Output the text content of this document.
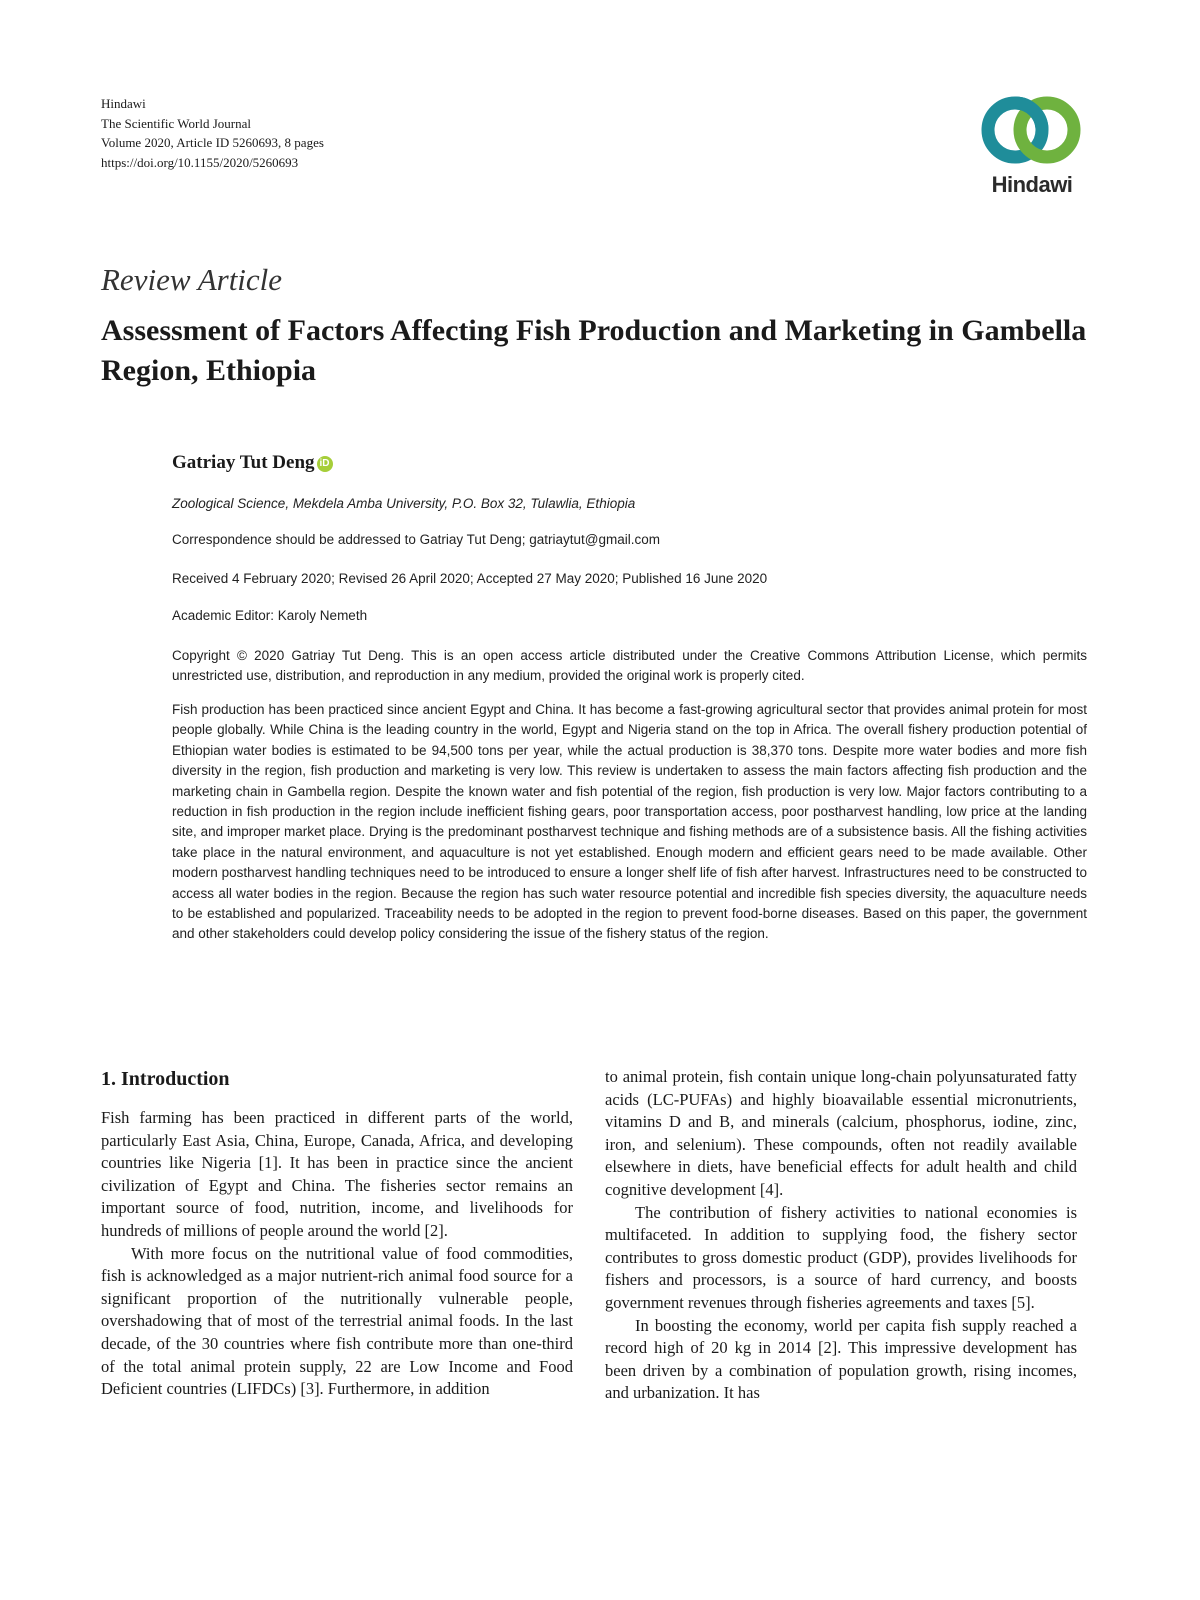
Hindawi
The Scientific World Journal
Volume 2020, Article ID 5260693, 8 pages
https://doi.org/10.1155/2020/5260693
Hindawi
Review Article
Assessment of Factors Affecting Fish Production and Marketing in Gambella Region, Ethiopia
Gatriay Tut Deng iD
Zoological Science, Mekdela Amba University, P.O. Box 32, Tulawlia, Ethiopia
Correspondence should be addressed to Gatriay Tut Deng; gatriaytut@gmail.com
Received 4 February 2020; Revised 26 April 2020; Accepted 27 May 2020; Published 16 June 2020
Academic Editor: Karoly Nemeth
Copyright © 2020 Gatriay Tut Deng. This is an open access article distributed under the Creative Commons Attribution License, which permits unrestricted use, distribution, and reproduction in any medium, provided the original work is properly cited.
Fish production has been practiced since ancient Egypt and China. It has become a fast-growing agricultural sector that provides animal protein for most people globally. While China is the leading country in the world, Egypt and Nigeria stand on the top in Africa. The overall fishery production potential of Ethiopian water bodies is estimated to be 94,500 tons per year, while the actual production is 38,370 tons. Despite more water bodies and more fish diversity in the region, fish production and marketing is very low. This review is undertaken to assess the main factors affecting fish production and the marketing chain in Gambella region. Despite the known water and fish potential of the region, fish production is very low. Major factors contributing to a reduction in fish production in the region include inefficient fishing gears, poor transportation access, poor postharvest handling, low price at the landing site, and improper market place. Drying is the predominant postharvest technique and fishing methods are of a subsistence basis. All the fishing activities take place in the natural environment, and aquaculture is not yet established. Enough modern and efficient gears need to be made available. Other modern postharvest handling techniques need to be introduced to ensure a longer shelf life of fish after harvest. Infrastructures need to be constructed to access all water bodies in the region. Because the region has such water resource potential and incredible fish species diversity, the aquaculture needs to be established and popularized. Traceability needs to be adopted in the region to prevent food-borne diseases. Based on this paper, the government and other stakeholders could develop policy considering the issue of the fishery status of the region.
1. Introduction

Fish farming has been practiced in different parts of the world, particularly East Asia, China, Europe, Canada, Africa, and developing countries like Nigeria [1]. It has been in practice since the ancient civilization of Egypt and China. The fisheries sector remains an important source of food, nutrition, income, and livelihoods for hundreds of millions of people around the world [2].

With more focus on the nutritional value of food commodities, fish is acknowledged as a major nutrient-rich animal food source for a significant proportion of the nutritionally vulnerable people, overshadowing that of most of the terrestrial animal foods. In the last decade, of the 30 countries where fish contribute more than one-third of the total animal protein supply, 22 are Low Income and Food Deficient countries (LIFDCs) [3]. Furthermore, in addition

to animal protein, fish contain unique long-chain polyunsaturated fatty acids (LC-PUFAs) and highly bioavailable essential micronutrients, vitamins D and B, and minerals (calcium, phosphorus, iodine, zinc, iron, and selenium). These compounds, often not readily available elsewhere in diets, have beneficial effects for adult health and child cognitive development [4].

The contribution of fishery activities to national economies is multifaceted. In addition to supplying food, the fishery sector contributes to gross domestic product (GDP), provides livelihoods for fishers and processors, is a source of hard currency, and boosts government revenues through fisheries agreements and taxes [5].

In boosting the economy, world per capita fish supply reached a record high of 20 kg in 2014 [2]. This impressive development has been driven by a combination of population growth, rising incomes, and urbanization. It has
